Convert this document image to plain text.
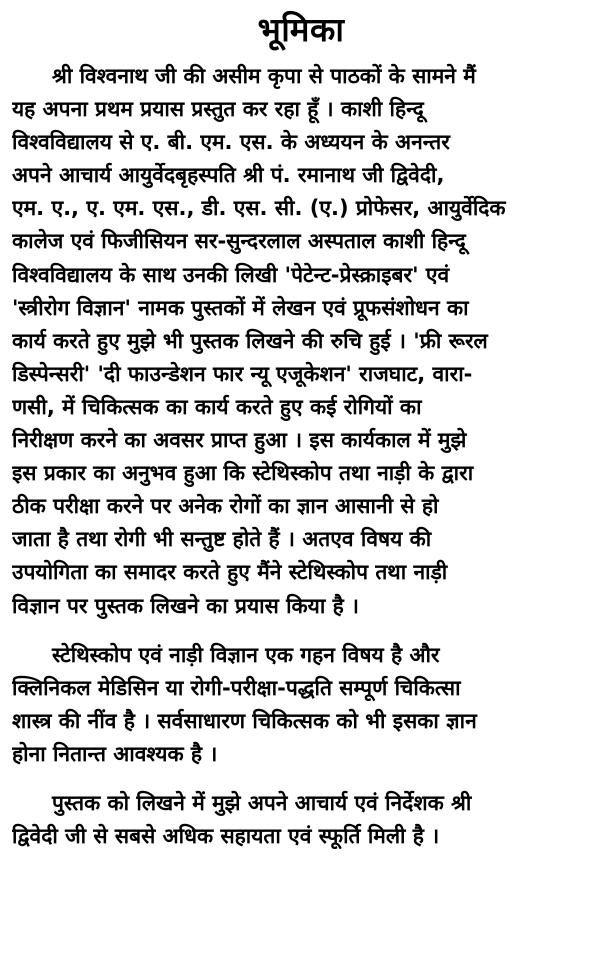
भूमिका
श्री विश्वनाथ जी की असीम कृपा से पाठकों के सामने मैं
यह अपना प्रथम प्रयास प्रस्तुत कर रहा हूँ । काशी हिन्दू
विश्वविद्यालय से ए. बी. एम. एस. के अध्ययन के अनन्तर
अपने आचार्य आयुर्वेदबृहस्पति श्री पं. रमानाथ जी द्विवेदी,
एम. ए., ए. एम. एस., डी. एस. सी. (ए.) प्रोफेसर, आयुर्वेदिक
कालेज एवं फिजीसियन सर-सुन्दरलाल अस्पताल काशी हिन्दू
विश्वविद्यालय के साथ उनकी लिखी 'पेटेन्ट-प्रेस्क्राइबर' एवं
'स्त्रीरोग विज्ञान' नामक पुस्तकों में लेखन एवं प्रूफसंशोधन का
कार्य करते हुए मुझे भी पुस्तक लिखने की रुचि हुई । 'फ्री रूरल
डिस्पेन्सरी' 'दी फाउन्डेशन फार न्यू एजूकेशन' राजघाट, वारा-
णसी, में चिकित्सक का कार्य करते हुए कई रोगियों का
निरीक्षण करने का अवसर प्राप्त हुआ । इस कार्यकाल में मुझे
इस प्रकार का अनुभव हुआ कि स्टेथिस्कोप तथा नाड़ी के द्वारा
ठीक परीक्षा करने पर अनेक रोगों का ज्ञान आसानी से हो
जाता है तथा रोगी भी सन्तुष्ट होते हैं । अतएव विषय की
उपयोगिता का समादर करते हुए मैंने स्टेथिस्कोप तथा नाड़ी
विज्ञान पर पुस्तक लिखने का प्रयास किया है ।
स्टेथिस्कोप एवं नाड़ी विज्ञान एक गहन विषय है और
क्लिनिकल मेडिसिन या रोगी-परीक्षा-पद्धति सम्पूर्ण चिकित्सा
शास्त्र की नींव है । सर्वसाधारण चिकित्सक को भी इसका ज्ञान
होना नितान्त आवश्यक है ।
पुस्तक को लिखने में मुझे अपने आचार्य एवं निर्देशक श्री
द्विवेदी जी से सबसे अधिक सहायता एवं स्फूर्ति मिली है ।
